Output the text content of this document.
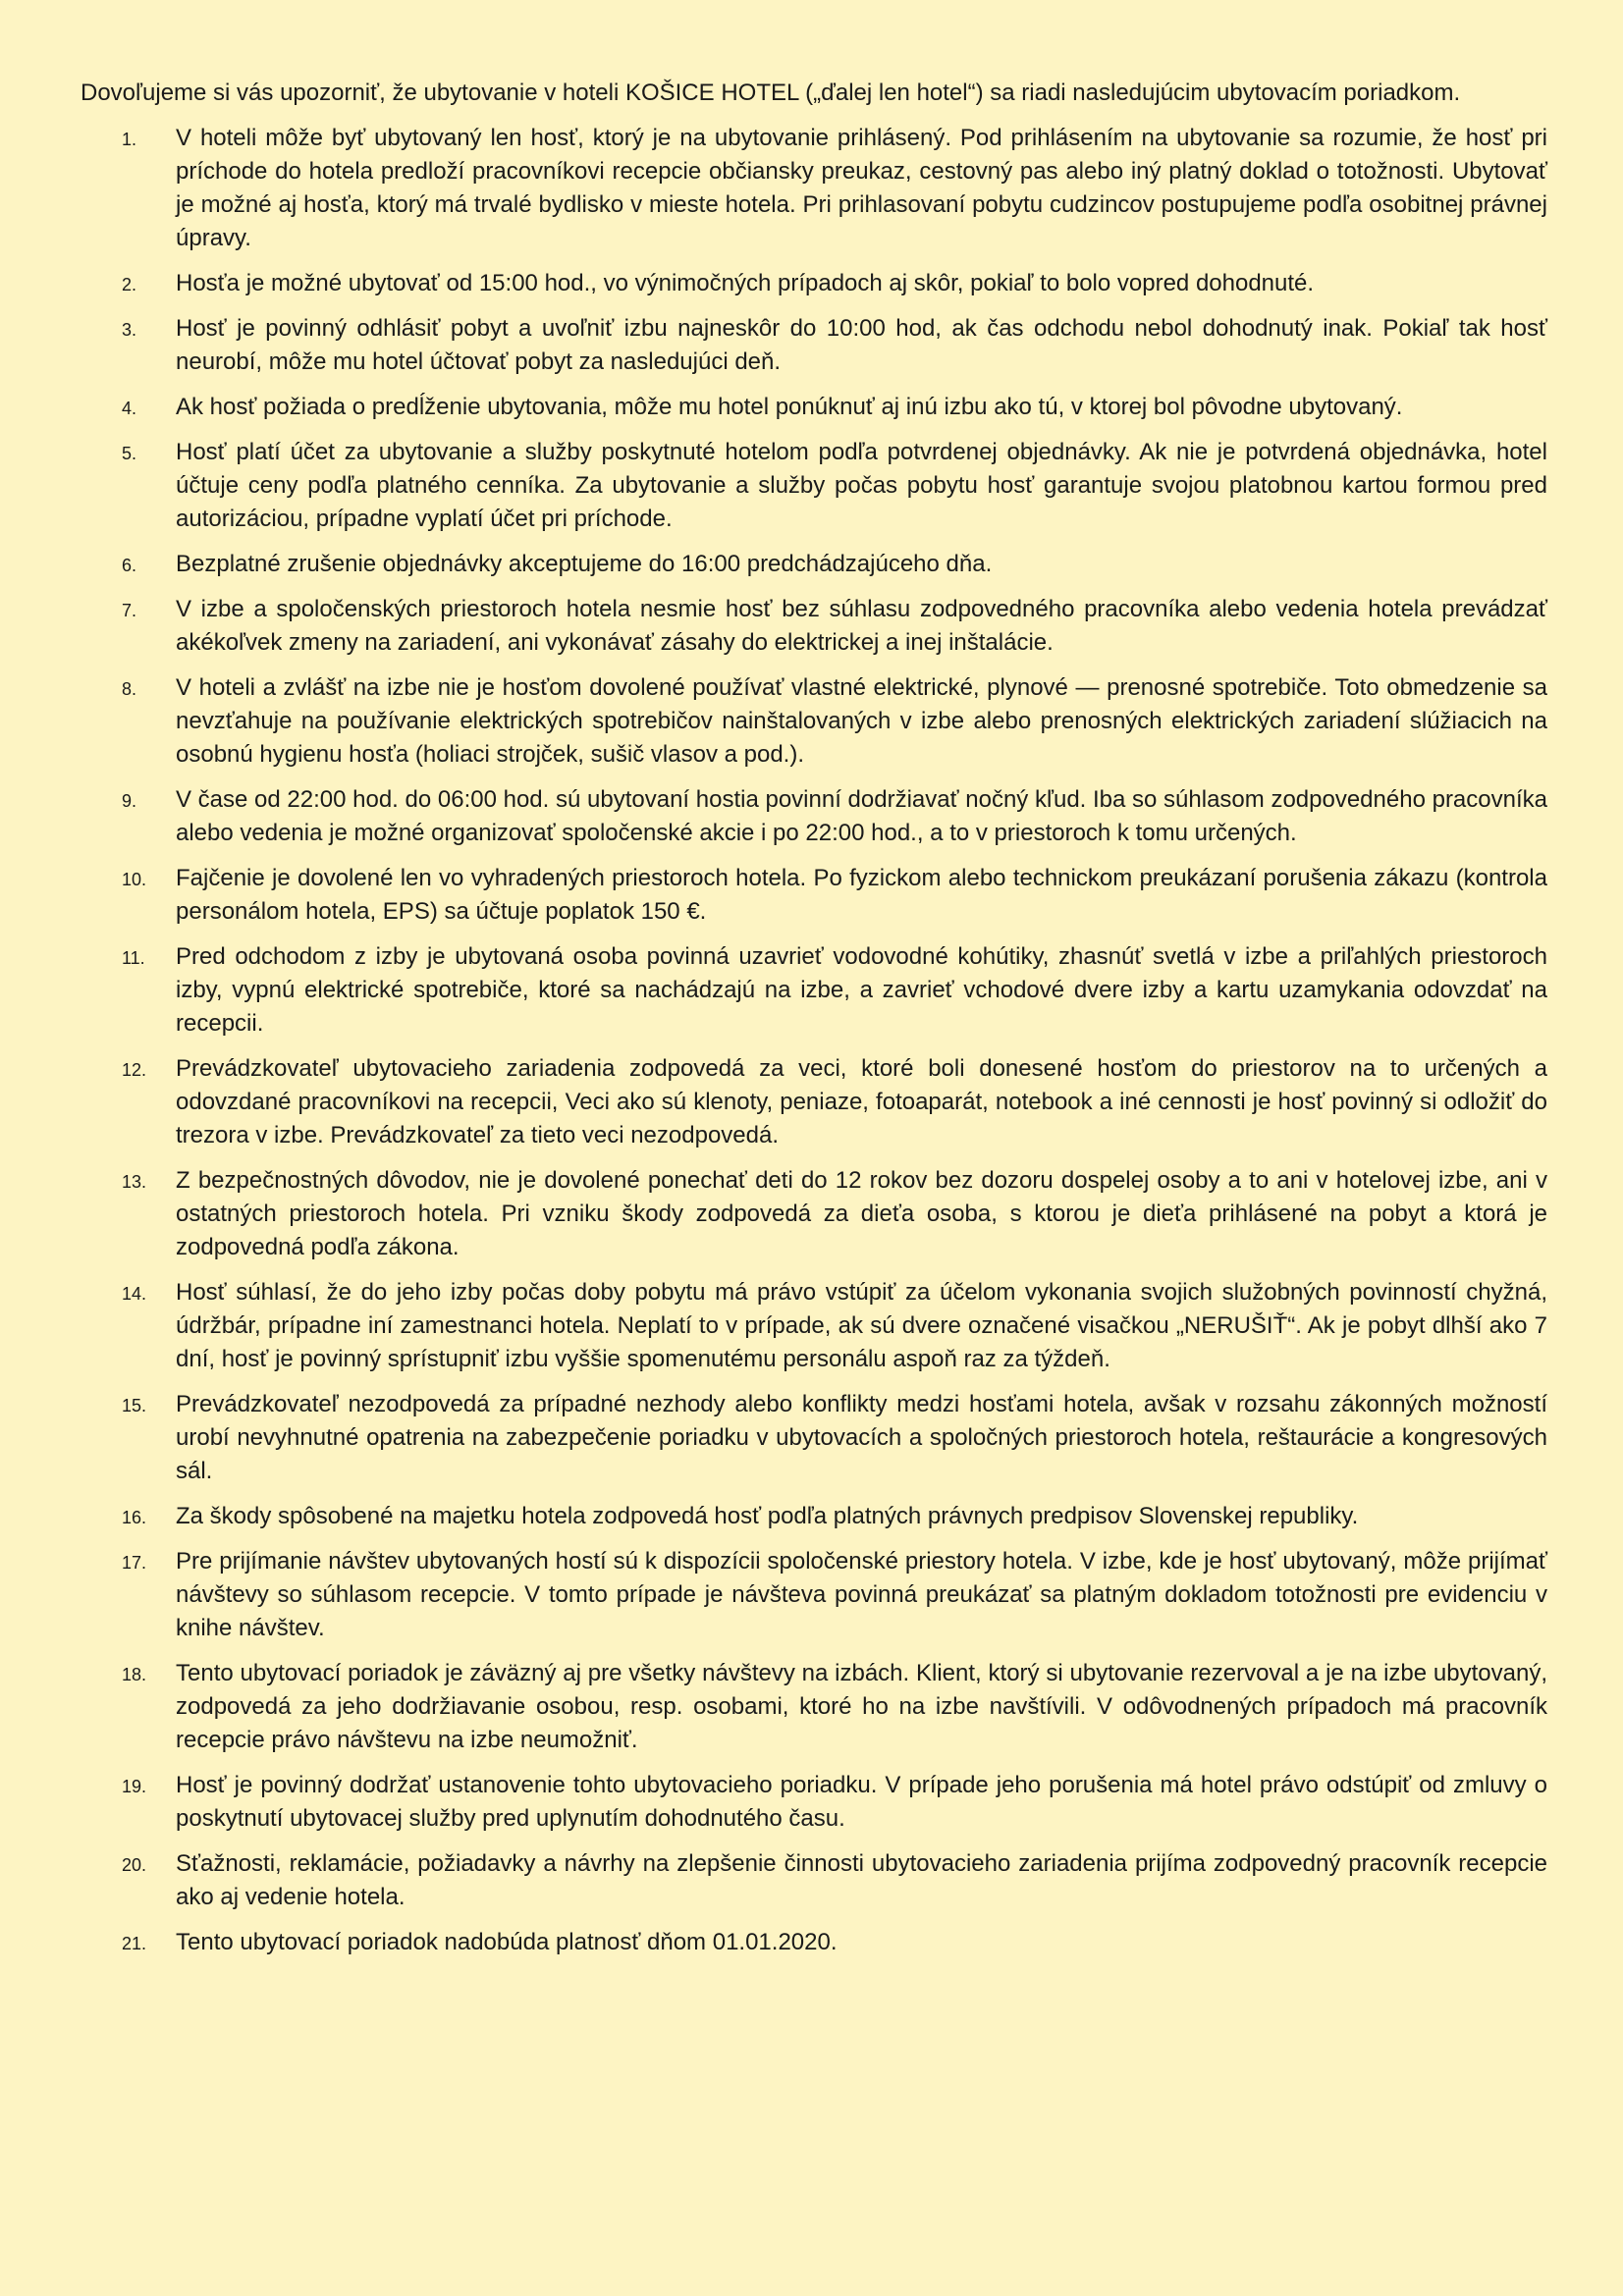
Dovoľujeme si vás upozorniť, že ubytovanie v hoteli KOŠICE HOTEL („ďalej len hotel“) sa riadi nasledujúcim ubytovacím poriadkom.

1. V hoteli môže byť ubytovaný len hosť, ktorý je na ubytovanie prihlásený. Pod prihlásením na ubytovanie sa rozumie, že hosť pri príchode do hotela predloží pracovníkovi recepcie občiansky preukaz, cestovný pas alebo iný platný doklad o totožnosti. Ubytovať je možné aj hosťa, ktorý má trvalé bydlisko v mieste hotela. Pri prihlasovaní pobytu cudzincov postupujeme podľa osobitnej právnej úpravy.
2. Hosťa je možné ubytovať od 15:00 hod., vo výnimočných prípadoch aj skôr, pokiaľ to bolo vopred dohodnuté.
3. Hosť je povinný odhlásiť pobyt a uvoľniť izbu najneskôr do 10:00 hod, ak čas odchodu nebol dohodnutý inak. Pokiaľ tak hosť neurobí, môže mu hotel účtovať pobyt za nasledujúci deň.
4. Ak hosť požiada o predĺženie ubytovania, môže mu hotel ponúknuť aj inú izbu ako tú, v ktorej bol pôvodne ubytovaný.
5. Hosť platí účet za ubytovanie a služby poskytnuté hotelom podľa potvrdenej objednávky. Ak nie je potvrdená objednávka, hotel účtuje ceny podľa platného cenníka. Za ubytovanie a služby počas pobytu hosť garantuje svojou platobnou kartou formou pred autorizáciou, prípadne vyplatí účet pri príchode.
6. Bezplatné zrušenie objednávky akceptujeme do 16:00 predchádzajúceho dňa.
7. V izbe a spoločenských priestoroch hotela nesmie hosť bez súhlasu zodpovedného pracovníka alebo vedenia hotela prevádzať akékoľvek zmeny na zariadení, ani vykonávať zásahy do elektrickej a inej inštalácie.
8. V hoteli a zvlášť na izbe nie je hosťom dovolené používať vlastné elektrické, plynové — prenosné spotrebiče. Toto obmedzenie sa nevzťahuje na používanie elektrických spotrebičov nainštalovaných v izbe alebo prenosných elektrických zariadení slúžiacich na osobnú hygienu hosťa (holiaci strojček, sušič vlasov a pod.).
9. V čase od 22:00 hod. do 06:00 hod. sú ubytovaní hostia povinní dodržiavať nočný kľud. Iba so súhlasom zodpovedného pracovníka alebo vedenia je možné organizovať spoločenské akcie i po 22:00 hod., a to v priestoroch k tomu určených.
10. Fajčenie je dovolené len vo vyhradených priestoroch hotela. Po fyzickom alebo technickom preukázaní porušenia zákazu (kontrola personálom hotela, EPS) sa účtuje poplatok 150 €.
11. Pred odchodom z izby je ubytovaná osoba povinná uzavrieť vodovodné kohútiky, zhasnúť svetlá v izbe a priľahlých priestoroch izby, vypnú elektrické spotrebiče, ktoré sa nachádzajú na izbe, a zavrieť vchodové dvere izby a kartu uzamykania odovzdať na recepcii.
12. Prevádzkovateľ ubytovacieho zariadenia zodpovedá za veci, ktoré boli donesené hosťom do priestorov na to určených a odovzdané pracovníkovi na recepcii, Veci ako sú klenoty, peniaze, fotoaparát, notebook a iné cennosti je hosť povinný si odložiť do trezora v izbe. Prevádzkovateľ za tieto veci nezodpovedá.
13. Z bezpečnostných dôvodov, nie je dovolené ponechať deti do 12 rokov bez dozoru dospelej osoby a to ani v hotelovej izbe, ani v ostatných priestoroch hotela. Pri vzniku škody zodpovedá za dieťa osoba, s ktorou je dieťa prihlásené na pobyt a ktorá je zodpovedná podľa zákona.
14. Hosť súhlasí, že do jeho izby počas doby pobytu má právo vstúpiť za účelom vykonania svojich služobných povinností chyžná, údržbár, prípadne iní zamestnanci hotela. Neplatí to v prípade, ak sú dvere označené visačkou „NERUŠIŤ“. Ak je pobyt dlhší ako 7 dní, hosť je povinný sprístupniť izbu vyššie spomenutému personálu aspoň raz za týždeň.
15. Prevádzkovateľ nezodpovedá za prípadné nezhody alebo konflikty medzi hosťami hotela, avšak v rozsahu zákonných možností urobí nevyhnutné opatrenia na zabezpečenie poriadku v ubytovacích a spoločných priestoroch hotela, reštaurácie a kongresových sál.
16. Za škody spôsobené na majetku hotela zodpovedá hosť podľa platných právnych predpisov Slovenskej republiky.
17. Pre prijímanie návštev ubytovaných hostí sú k dispozícii spoločenské priestory hotela. V izbe, kde je hosť ubytovaný, môže prijímať návštevy so súhlasom recepcie. V tomto prípade je návšteva povinná preukázať sa platným dokladom totožnosti pre evidenciu v knihe návštev.
18. Tento ubytovací poriadok je záväzný aj pre všetky návštevy na izbách. Klient, ktorý si ubytovanie rezervoval a je na izbe ubytovaný, zodpovedá za jeho dodržiavanie osobou, resp. osobami, ktoré ho na izbe navštívili. V odôvodnených prípadoch má pracovník recepcie právo návštevu na izbe neumožniť.
19. Hosť je povinný dodržať ustanovenie tohto ubytovacieho poriadku. V prípade jeho porušenia má hotel právo odstúpiť od zmluvy o poskytnutí ubytovacej služby pred uplynutím dohodnutého času.
20. Sťažnosti, reklamácie, požiadavky a návrhy na zlepšenie činnosti ubytovacieho zariadenia prijíma zodpovedný pracovník recepcie ako aj vedenie hotela.
21. Tento ubytovací poriadok nadobúda platnosť dňom 01.01.2020.
